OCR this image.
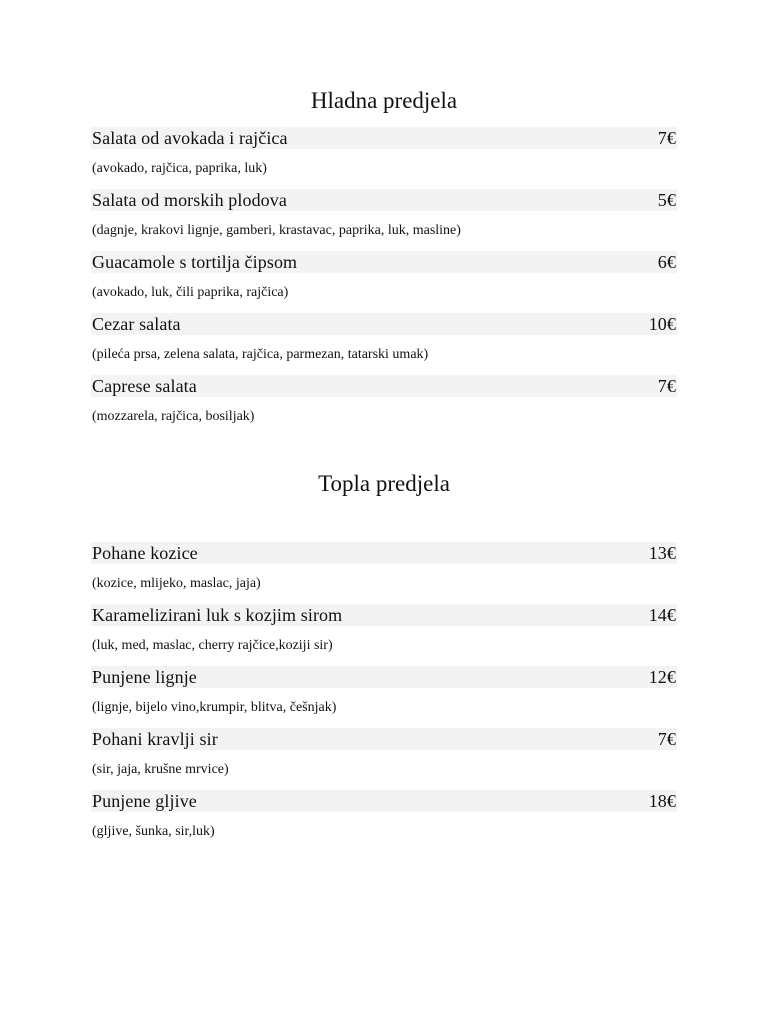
Hladna predjela
Salata od avokada i rajčica	7€

(avokado, rajčica, paprika, luk)

Salata od morskih plodova	5€

(dagnje, krakovi lignje, gamberi, krastavac, paprika, luk, masline)

Guacamole s tortilja čipsom	6€

(avokado, luk, čili paprika, rajčica)

Cezar salata	10€

(pileća prsa, zelena salata, rajčica, parmezan, tatarski umak)

Caprese salata	7€

(mozzarela, rajčica, bosiljak)

Topla predjela
Pohane kozice	13€

(kozice, mlijeko, maslac, jaja)

Karamelizirani luk s kozjim sirom	14€

(luk, med, maslac, cherry rajčice,koziji sir)

Punjene lignje	12€

(lignje, bijelo vino,krumpir, blitva, češnjak)

Pohani kravlji sir	7€

(sir, jaja, krušne mrvice)

Punjene gljive	18€

(gljive, šunka, sir,luk)
